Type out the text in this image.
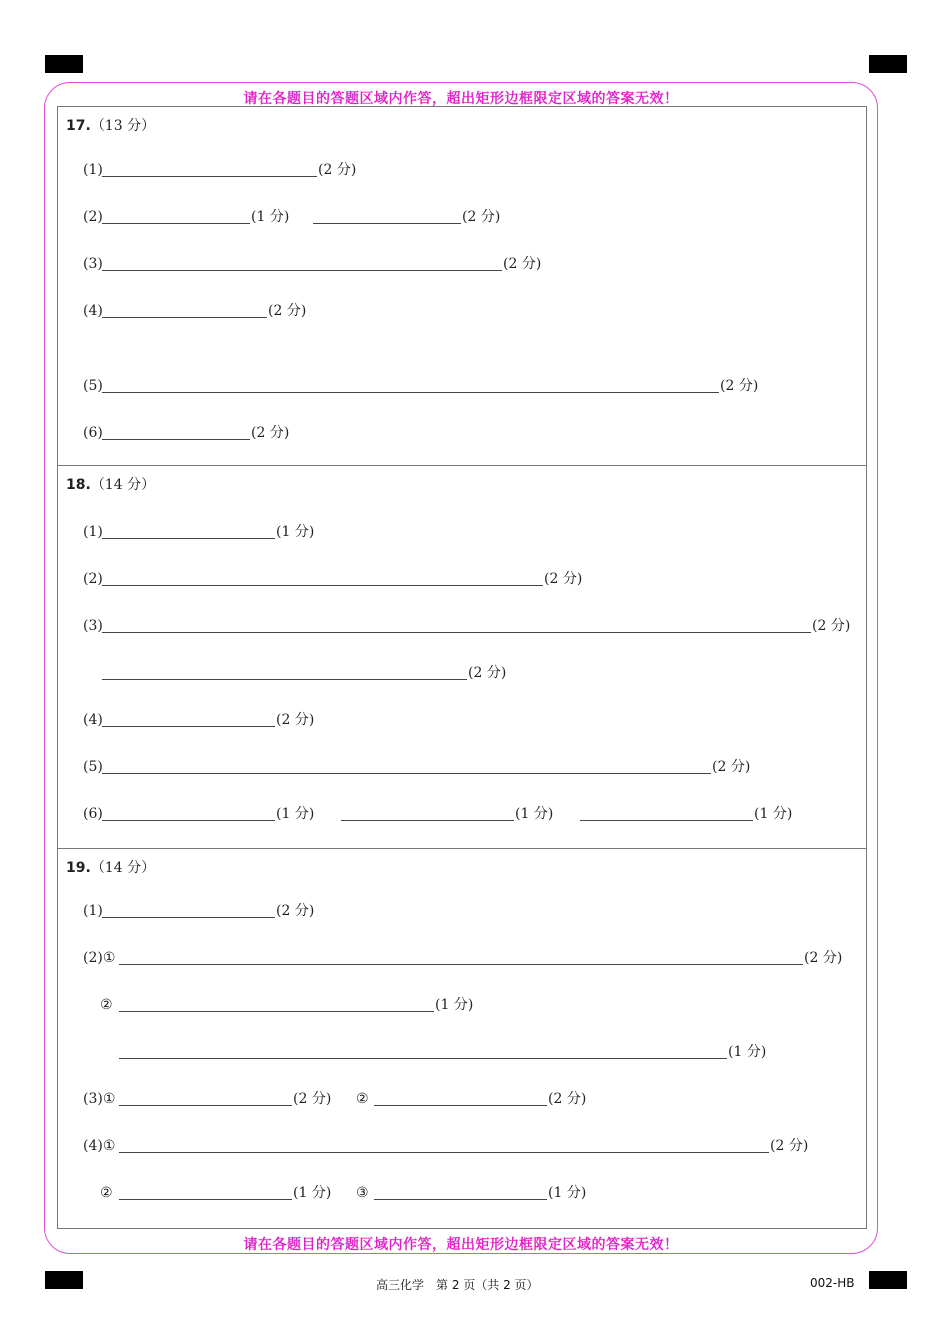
请在各题目的答题区域内作答，超出矩形边框限定区域的答案无效！
请在各题目的答题区域内作答，超出矩形边框限定区域的答案无效！
17.（13 分）
(1)	(2 分)
(2)	(1 分)	(2 分)
(3)	(2 分)
(4)	(2 分)
(5)	(2 分)
(6)	(2 分)
18.（14 分）
(1)	(1 分)
(2)	(2 分)
(3)	(2 分)
(2 分)
(4)	(2 分)
(5)	(2 分)
(6)	(1 分)	(1 分)	(1 分)
19.（14 分）
(1)	(2 分)
(2)①	(2 分)
②	(1 分)
(1 分)
(3)①	(2 分) ②	(2 分)
(4)①	(2 分)
②	(1 分) ③	(1 分)
高三化学　第 2 页（共 2 页）	002-HB
